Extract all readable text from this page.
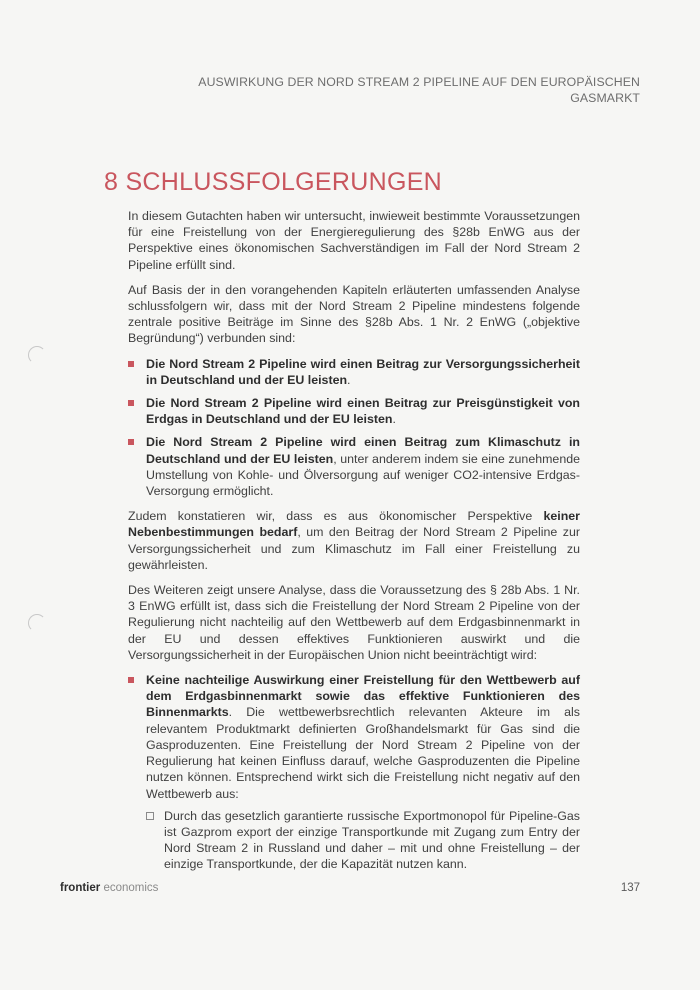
AUSWIRKUNG DER NORD STREAM 2 PIPELINE AUF DEN EUROPÄISCHEN GASMARKT
8 SCHLUSSFOLGERUNGEN

In diesem Gutachten haben wir untersucht, inwieweit bestimmte Voraussetzungen für eine Freistellung von der Energieregulierung des §28b EnWG aus der Perspektive eines ökonomischen Sachverständigen im Fall der Nord Stream 2 Pipeline erfüllt sind.

Auf Basis der in den vorangehenden Kapiteln erläuterten umfassenden Analyse schlussfolgern wir, dass mit der Nord Stream 2 Pipeline mindestens folgende zentrale positive Beiträge im Sinne des §28b Abs. 1 Nr. 2 EnWG („objektive Begründung“) verbunden sind:

Die Nord Stream 2 Pipeline wird einen Beitrag zur Versorgungssicherheit in Deutschland und der EU leisten.
Die Nord Stream 2 Pipeline wird einen Beitrag zur Preisgünstigkeit von Erdgas in Deutschland und der EU leisten.
Die Nord Stream 2 Pipeline wird einen Beitrag zum Klimaschutz in Deutschland und der EU leisten, unter anderem indem sie eine zunehmende Umstellung von Kohle- und Ölversorgung auf weniger CO2-intensive Erdgas-Versorgung ermöglicht.

Zudem konstatieren wir, dass es aus ökonomischer Perspektive keiner Nebenbestimmungen bedarf, um den Beitrag der Nord Stream 2 Pipeline zur Versorgungssicherheit und zum Klimaschutz im Fall einer Freistellung zu gewährleisten.

Des Weiteren zeigt unsere Analyse, dass die Voraussetzung des § 28b Abs. 1 Nr. 3 EnWG erfüllt ist, dass sich die Freistellung der Nord Stream 2 Pipeline von der Regulierung nicht nachteilig auf den Wettbewerb auf dem Erdgasbinnenmarkt in der EU und dessen effektives Funktionieren auswirkt und die Versorgungssicherheit in der Europäischen Union nicht beeinträchtigt wird:

Keine nachteilige Auswirkung einer Freistellung für den Wettbewerb auf dem Erdgasbinnenmarkt sowie das effektive Funktionieren des Binnenmarkts. Die wettbewerbsrechtlich relevanten Akteure im als relevantem Produktmarkt definierten Großhandelsmarkt für Gas sind die Gasproduzenten. Eine Freistellung der Nord Stream 2 Pipeline von der Regulierung hat keinen Einfluss darauf, welche Gasproduzenten die Pipeline nutzen können. Entsprechend wirkt sich die Freistellung nicht negativ auf den Wettbewerb aus:
Durch das gesetzlich garantierte russische Exportmonopol für Pipeline-Gas ist Gazprom export der einzige Transportkunde mit Zugang zum Entry der Nord Stream 2 in Russland und daher – mit und ohne Freistellung – der einzige Transportkunde, der die Kapazität nutzen kann.
frontier economics	137
